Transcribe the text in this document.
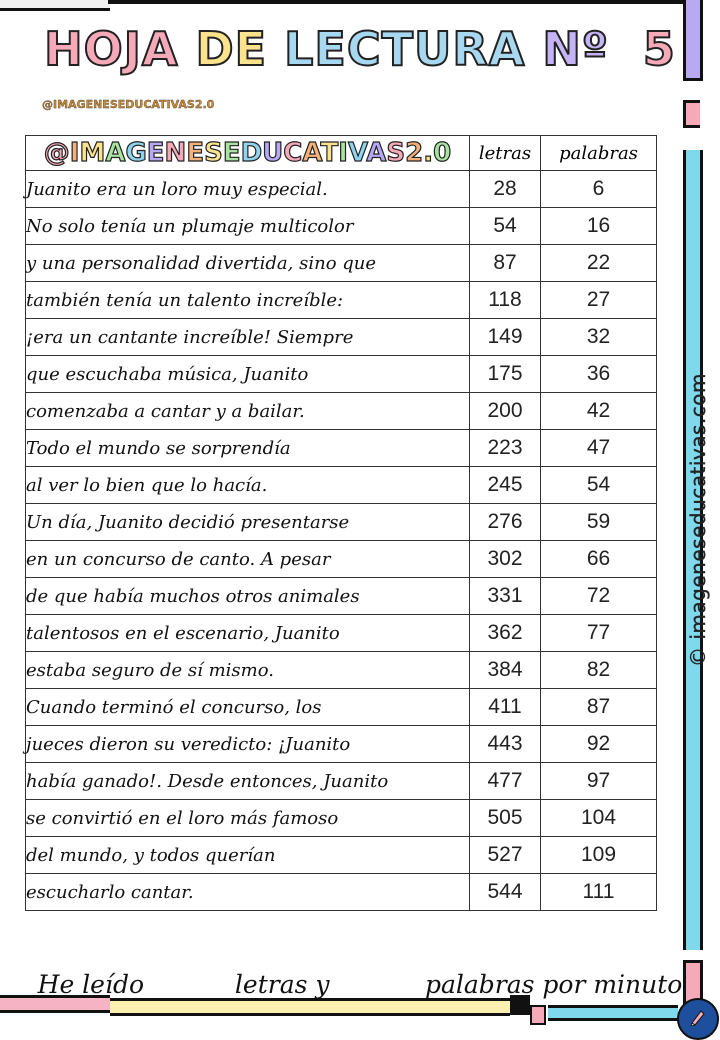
HOJA DE LECTURA Nº  5
@IMAGENESEDUCATIVAS2.0
@IMAGENESEDUCATIVAS2.0	letras	palabras
Juanito era un loro muy especial.	28	6
No solo tenía un plumaje multicolor	54	16
y una personalidad divertida, sino que	87	22
también tenía un talento increíble:	118	27
¡era un cantante increíble! Siempre	149	32
que escuchaba música, Juanito	175	36
comenzaba a cantar y a bailar.	200	42
Todo el mundo se sorprendía	223	47
al ver lo bien que lo hacía.	245	54
Un día, Juanito decidió presentarse	276	59
en un concurso de canto. A pesar	302	66
de que había muchos otros animales	331	72
talentosos en el escenario, Juanito	362	77
estaba seguro de sí mismo.	384	82
Cuando terminó el concurso, los	411	87
jueces dieron su veredicto: ¡Juanito	443	92
había ganado!. Desde entonces, Juanito	477	97
se convirtió en el loro más famoso	505	104
del mundo, y todos querían	527	109
escucharlo cantar.	544	111
© imageneseducativas.com
He leído ______ letras y_______ palabras por minuto
